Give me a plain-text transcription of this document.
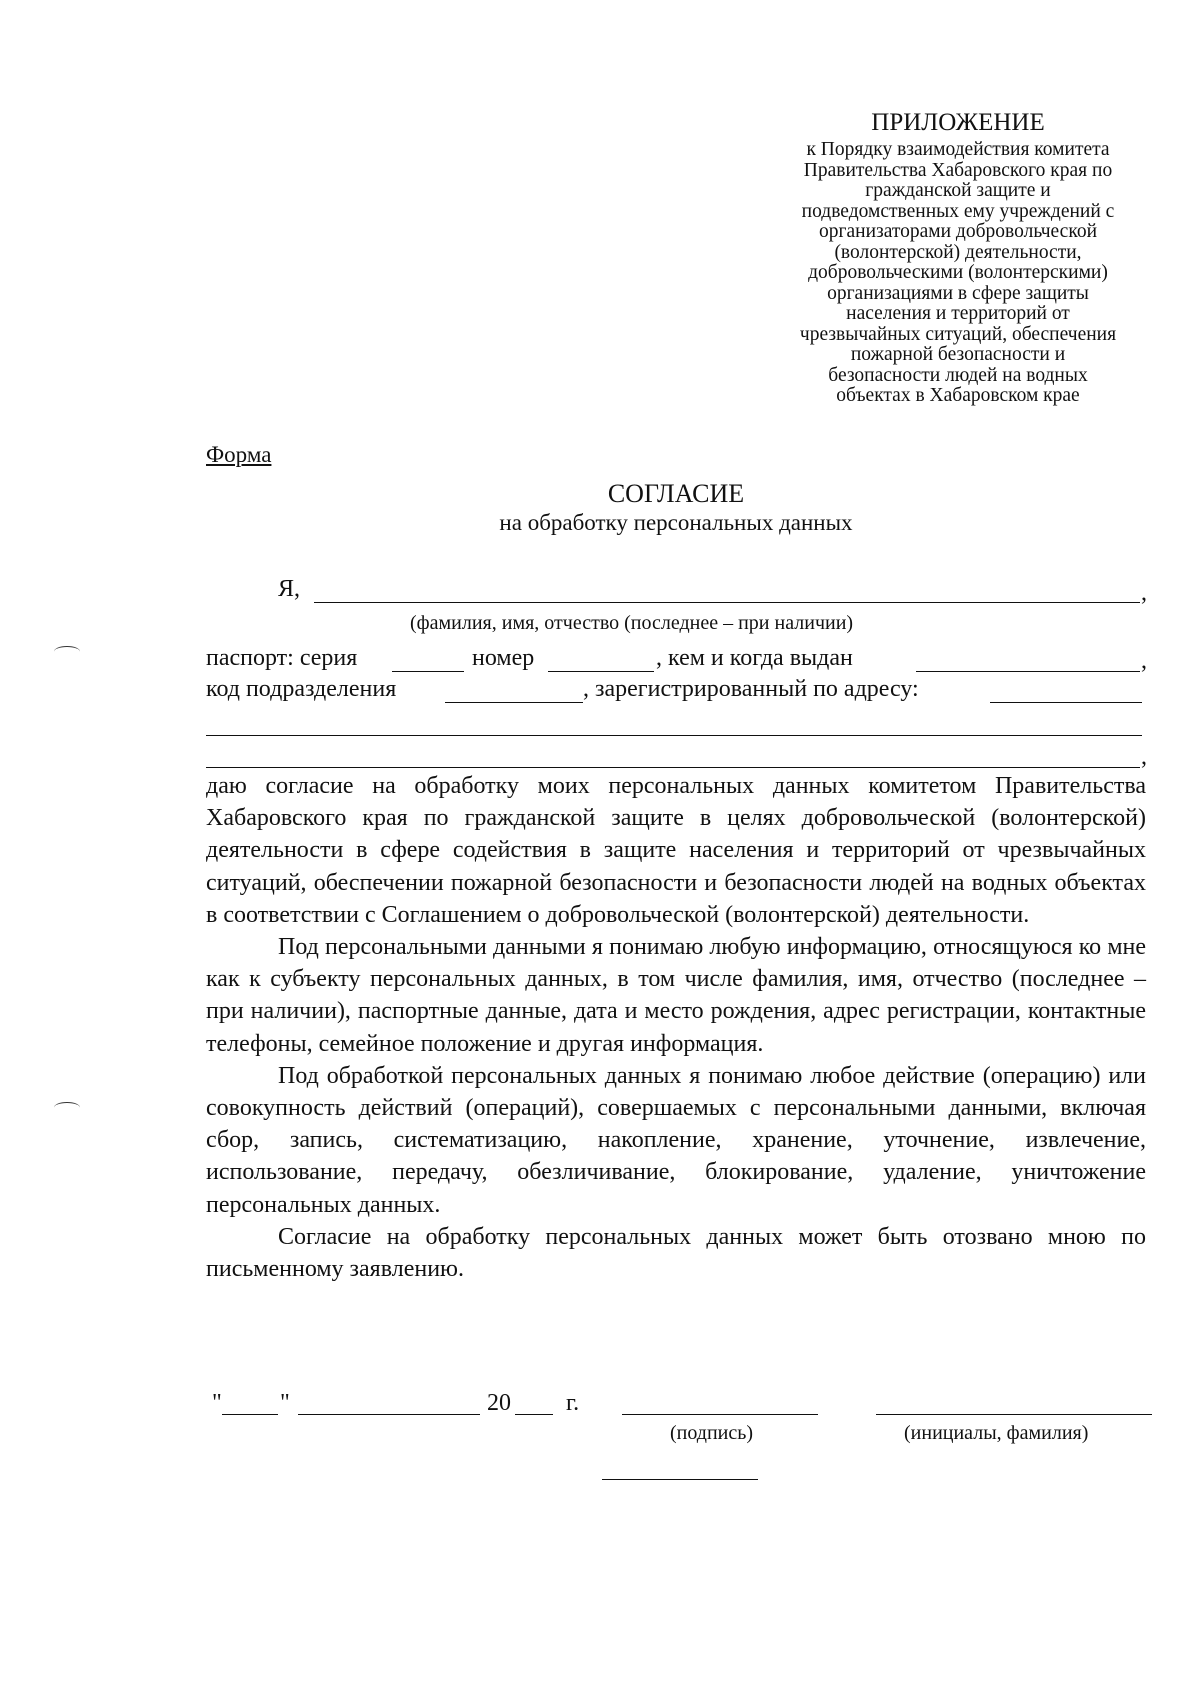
ПРИЛОЖЕНИЕ
к Порядку взаимодействия комитета
Правительства Хабаровского края по
гражданской защите и
подведомственных ему учреждений с
организаторами добровольческой
(волонтерской) деятельности,
добровольческими (волонтерскими)
организациями в сфере защиты
населения и территорий от
чрезвычайных ситуаций, обеспечения
пожарной безопасности и
безопасности людей на водных
объектах в Хабаровском крае
Форма
СОГЛАСИЕ
на обработку персональных данных
Я,	,
(фамилия, имя, отчество (последнее – при наличии)
паспорт: серия	номер	, кем и когда выдан	,
код подразделения	, зарегистрированный по адресу:
,

даю согласие на обработку моих персональных данных комитетом Правительства Хабаровского края по гражданской защите в целях добровольческой (волонтерской) деятельности в сфере содействия в защите населения и территорий от чрезвычайных ситуаций, обеспечении пожарной безопасности и безопасности людей на водных объектах в соответствии с Соглашением о добровольческой (волонтерской) деятельности.

Под персональными данными я понимаю любую информацию, относящуюся ко мне как к субъекту персональных данных, в том числе фамилия, имя, отчество (последнее – при наличии), паспортные данные, дата и место рождения, адрес регистрации, контактные телефоны, семейное положение и другая информация.

Под обработкой персональных данных я понимаю любое действие (операцию) или совокупность действий (операций), совершаемых с персональными данными, включая сбор, запись, систематизацию, накопление, хранение, уточнение, извлечение, использование, передачу, обезличивание, блокирование, удаление, уничтожение персональных данных.

Согласие на обработку персональных данных может быть отозвано мною по письменному заявлению.

" "	20 г.
(подпись)	(инициалы, фамилия)
